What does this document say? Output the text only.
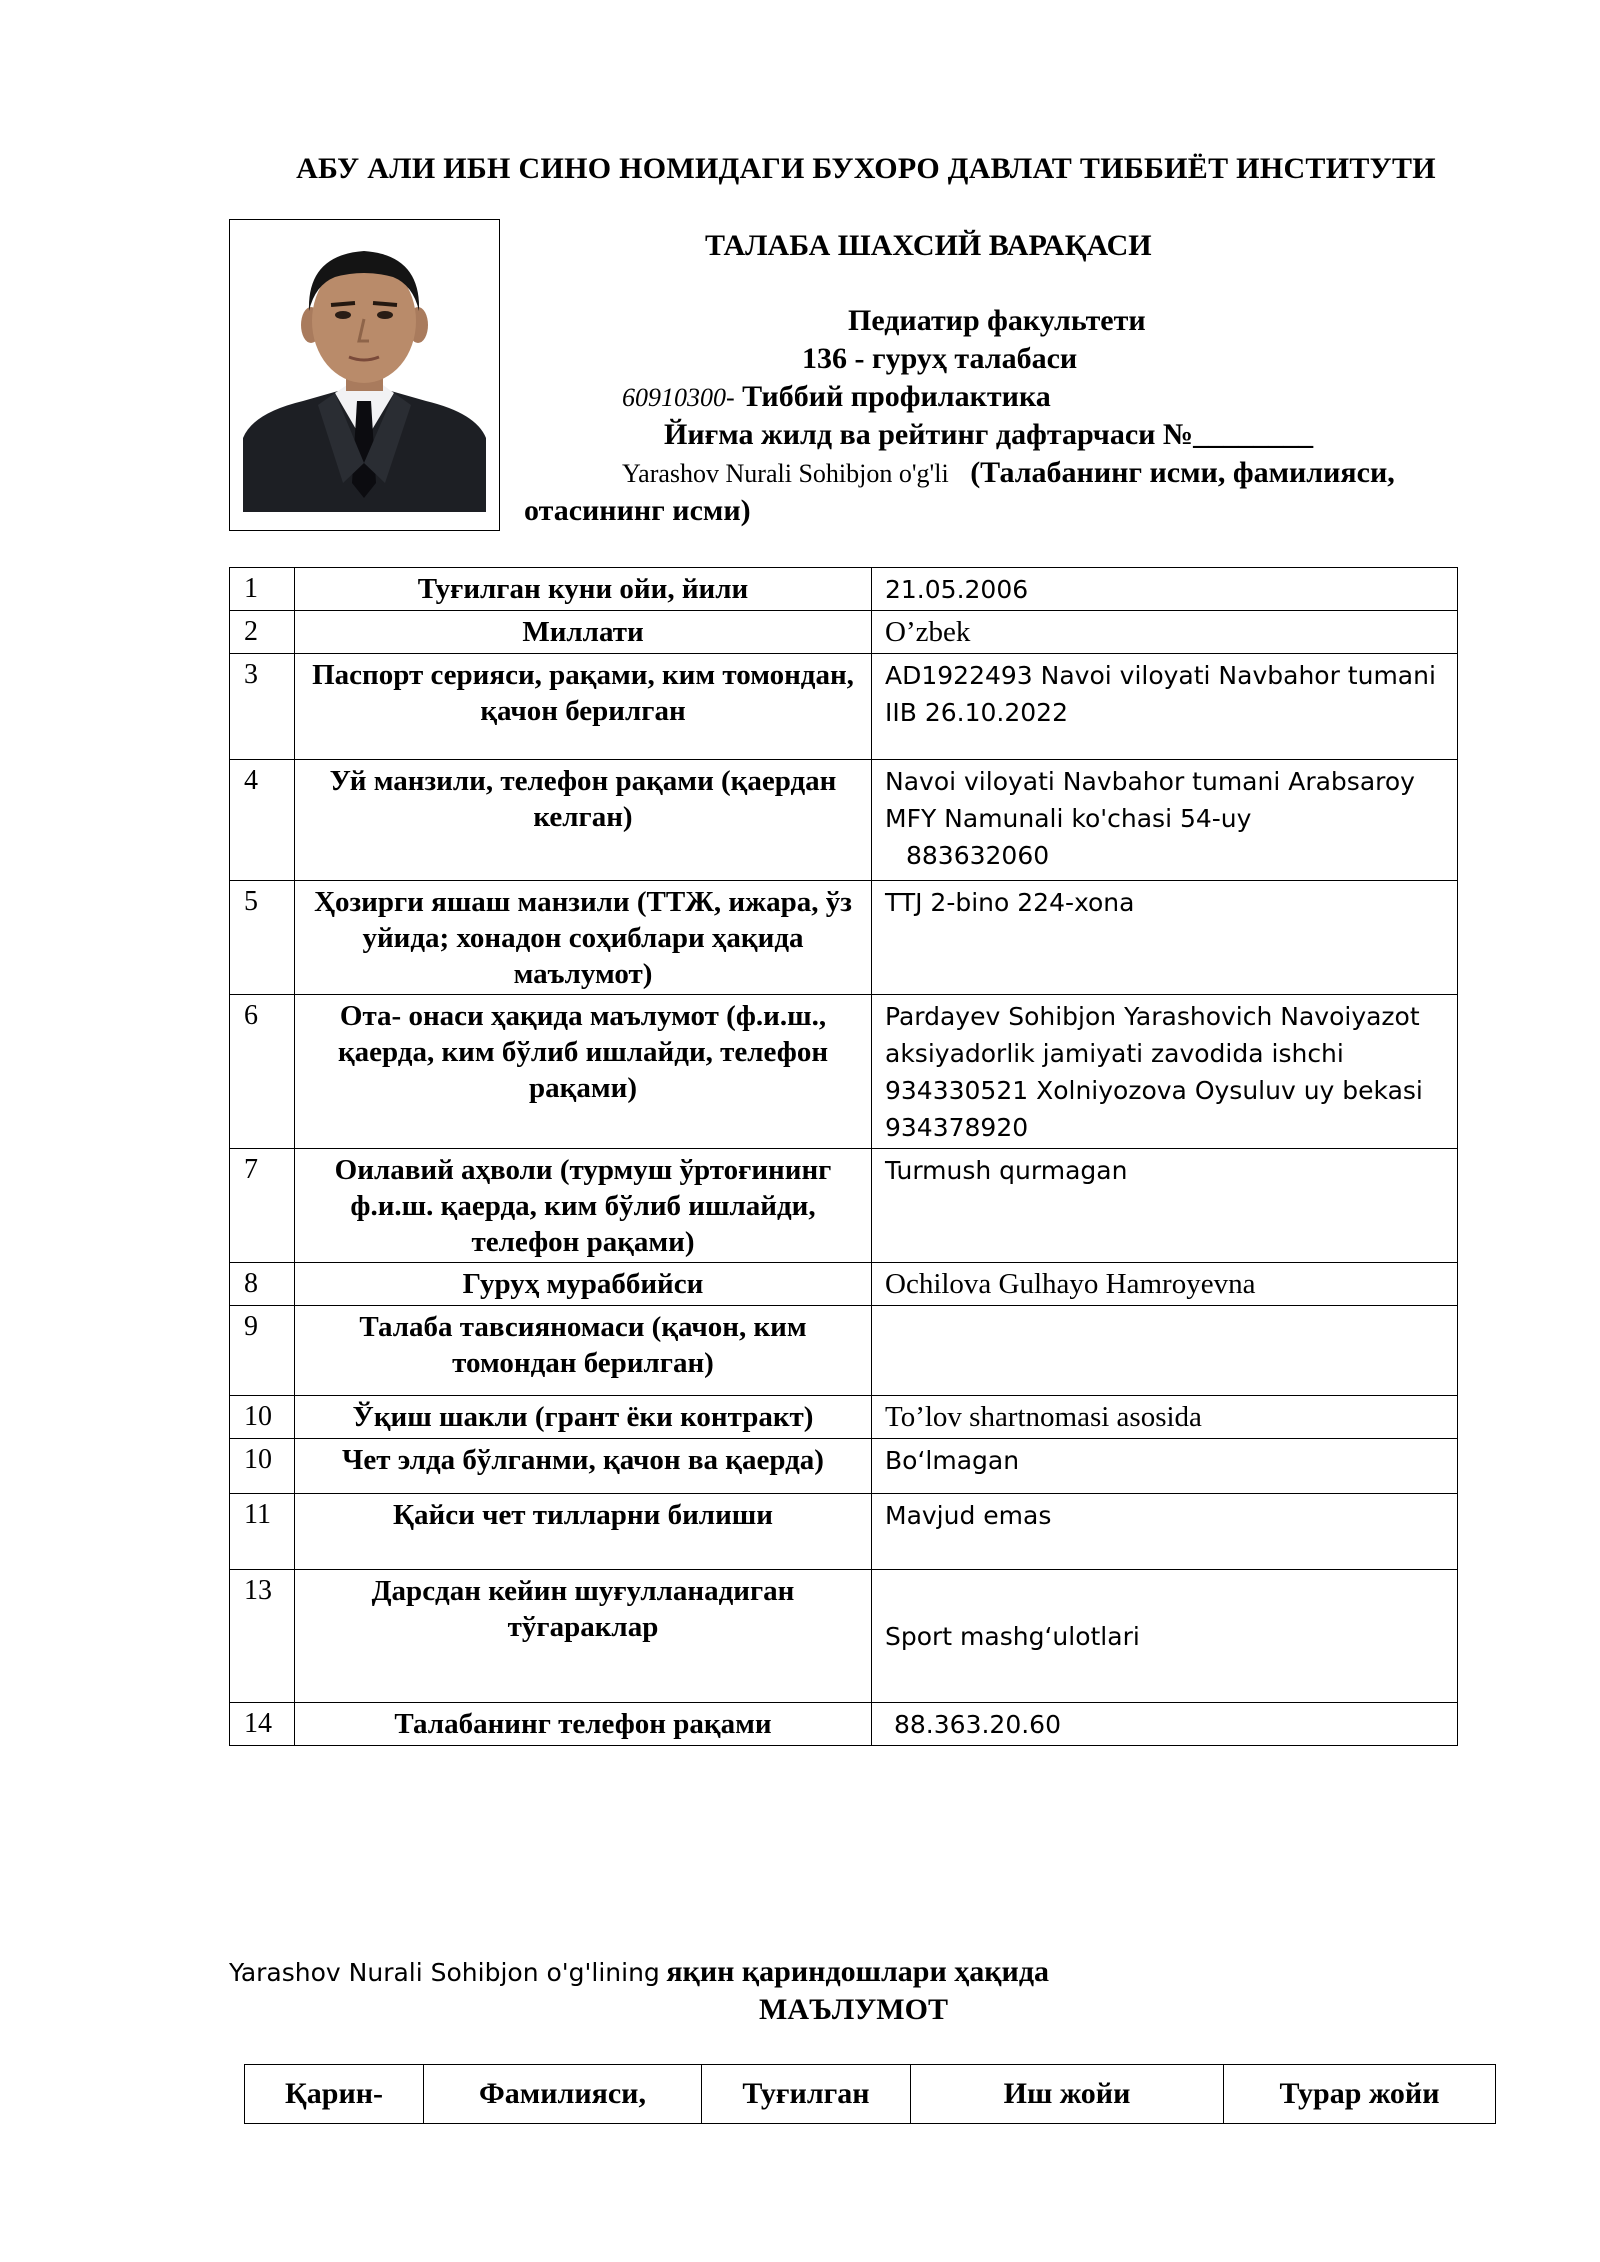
АБУ АЛИ ИБН СИНО НОМИДАГИ БУХОРО ДАВЛАТ ТИББИЁТ ИНСТИТУТИ
ТАЛАБА ШАХСИЙ ВАРАҚАСИ
Педиатир факультети
136 - гуруҳ талабаси
60910300- Тиббий профилактика
Йиғма жилд ва рейтинг дафтарчаси №________
Yarashov Nurali Sohibjon o'g'li (Талабанинг исми, фамилияси,
отасининг исми)
1	Туғилган куни ойи, йили	21.05.2006
2	Миллати	O’zbek
3	Паспорт серияси, рақами, ким томондан, қачон берилган	AD1922493 Navoi viloyati Navbahor tumani IIB 26.10.2022
4	Уй манзили, телефон рақами (қаердан келган)	Navoi viloyati Navbahor tumani Arabsaroy
MFY Namunali ko'chasi 54-uy
883632060

5	Ҳозирги яшаш манзили (ТТЖ, ижара, ўз уйида; хонадон соҳиблари ҳақида маълумот)	TTJ 2-bino 224-xona
6	Ота- онаси ҳақида маълумот (ф.и.ш., қаерда, ким бўлиб ишлайди, телефон рақами)	Pardayev Sohibjon Yarashovich Navoiyazot aksiyadorlik jamiyati zavodida ishchi 934330521 Xolniyozova Oysuluv uy bekasi 934378920
7	Оилавий аҳволи (турмуш ўртоғининг ф.и.ш. қаерда, ким бўлиб ишлайди, телефон рақами)	Turmush qurmagan
8	Гуруҳ мураббийси	Ochilova Gulhayo Hamroyevna
9	Талаба тавсияномаси (қачон, ким томондан берилган)	
10	Ўқиш шакли (грант ёки контракт)	To’lov shartnomasi asosida
10	Чет элда бўлганми, қачон ва қаерда)	Boʻlmagan
11	Қайси чет тилларни билиши	Mavjud emas
13	Дарсдан кейин шуғулланадиган тўгараклар	Sport mashgʻulotlari
14	Талабанинг телефон рақами	88.363.20.60
Yarashov Nurali Sohibjon o'g'lining яқин қариндошлари ҳақида
МАЪЛУМОТ
Қарин-	Фамилияси,	Туғилган	Иш жойи	Турар жойи
